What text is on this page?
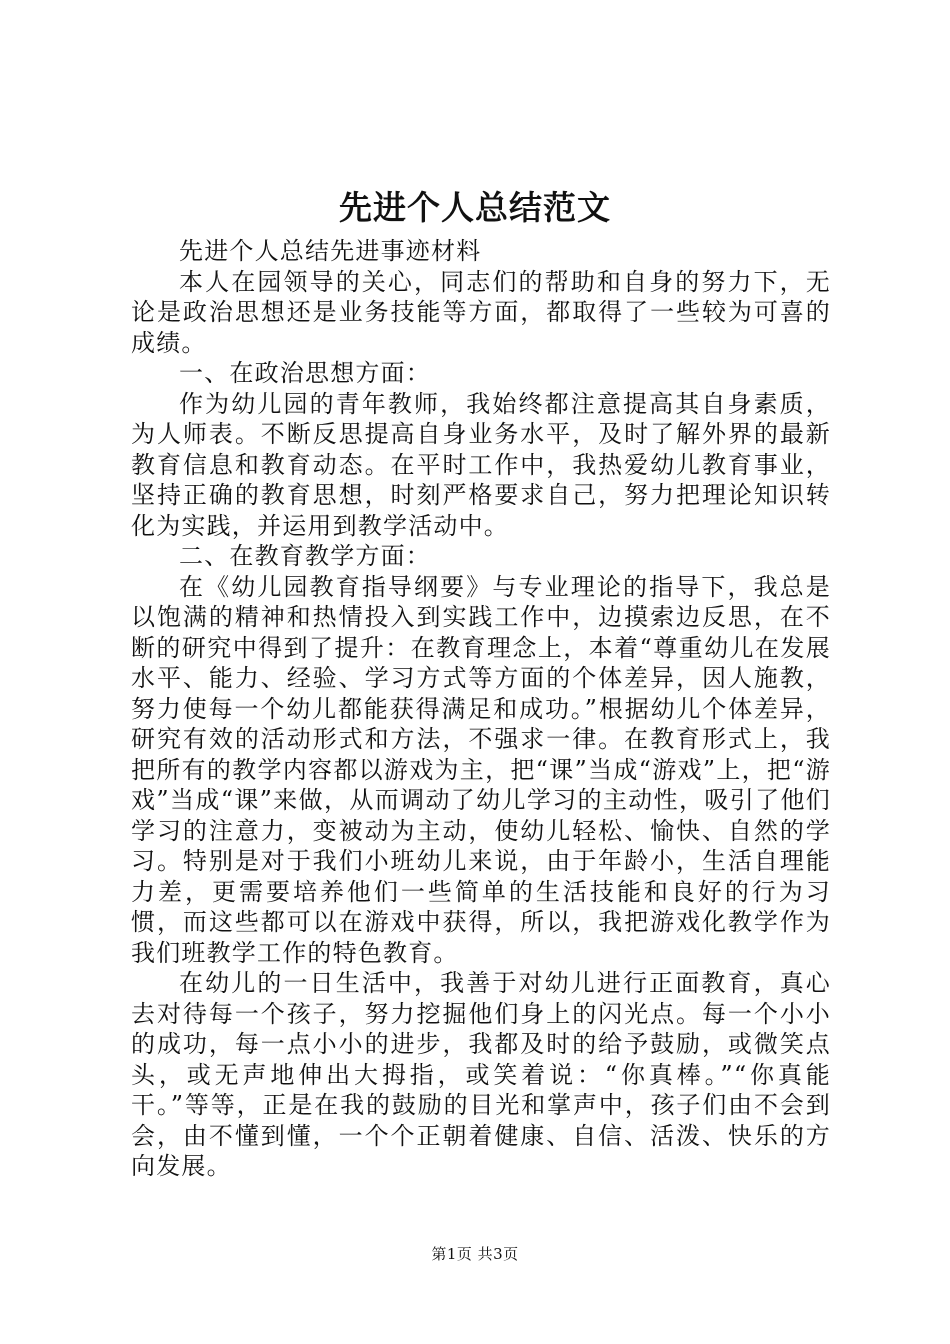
先进个人总结范文

先进个人总结先进事迹材料

本人在园领导的关心，同志们的帮助和自身的努力下，无论是政治思想还是业务技能等方面，都取得了一些较为可喜的成绩。

一、在政治思想方面：

作为幼儿园的青年教师，我始终都注意提高其自身素质，为人师表。不断反思提高自身业务水平，及时了解外界的最新教育信息和教育动态。在平时工作中，我热爱幼儿教育事业，坚持正确的教育思想，时刻严格要求自己，努力把理论知识转化为实践，并运用到教学活动中。

二、在教育教学方面：

在《幼儿园教育指导纲要》与专业理论的指导下，我总是以饱满的精神和热情投入到实践工作中，边摸索边反思，在不断的研究中得到了提升：在教育理念上，本着“尊重幼儿在发展水平、能力、经验、学习方式等方面的个体差异，因人施教，努力使每一个幼儿都能获得满足和成功。”根据幼儿个体差异，研究有效的活动形式和方法，不强求一律。在教育形式上，我把所有的教学内容都以游戏为主，把“课”当成“游戏”上，把“游戏”当成“课”来做，从而调动了幼儿学习的主动性，吸引了他们学习的注意力，变被动为主动，使幼儿轻松、愉快、自然的学习。特别是对于我们小班幼儿来说，由于年龄小，生活自理能力差，更需要培养他们一些简单的生活技能和良好的行为习惯，而这些都可以在游戏中获得，所以，我把游戏化教学作为我们班教学工作的特色教育。

在幼儿的一日生活中，我善于对幼儿进行正面教育，真心去对待每一个孩子，努力挖掘他们身上的闪光点。每一个小小的成功，每一点小小的进步，我都及时的给予鼓励，或微笑点头，或无声地伸出大拇指，或笑着说：“你真棒。”“你真能干。”等等，正是在我的鼓励的目光和掌声中，孩子们由不会到会，由不懂到懂，一个个正朝着健康、自信、活泼、快乐的方向发展。

第1页 共3页
